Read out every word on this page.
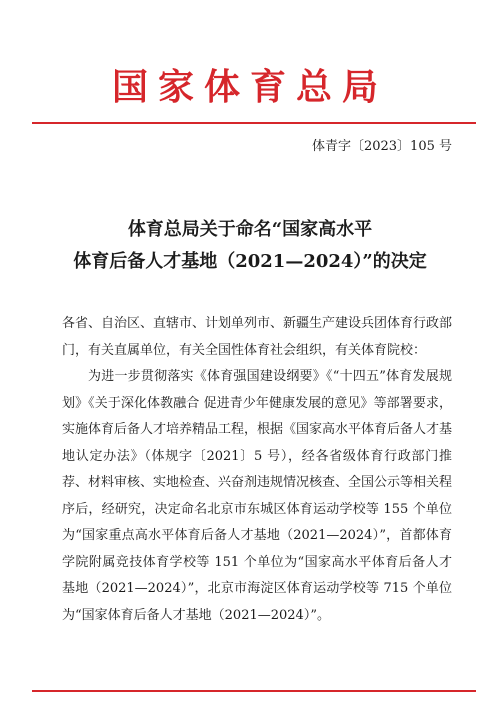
国家体育总局
体青字〔2023〕105 号
体育总局关于命名“国家高水平
体育后备人才基地（2021—2024）”的决定

各省、自治区、直辖市、计划单列市、新疆生产建设兵团体育行政部门，有关直属单位，有关全国性体育社会组织，有关体育院校：

为进一步贯彻落实《体育强国建设纲要》《“十四五”体育发展规划》《关于深化体教融合 促进青少年健康发展的意见》等部署要求，实施体育后备人才培养精品工程，根据《国家高水平体育后备人才基地认定办法》（体规字〔2021〕5 号），经各省级体育行政部门推荐、材料审核、实地检查、兴奋剂违规情况核查、全国公示等相关程序后，经研究，决定命名北京市东城区体育运动学校等 155 个单位为“国家重点高水平体育后备人才基地（2021—2024）”，首都体育学院附属竞技体育学校等 151 个单位为“国家高水平体育后备人才基地（2021—2024）”，北京市海淀区体育运动学校等 715 个单位为“国家体育后备人才基地（2021—2024）”。
